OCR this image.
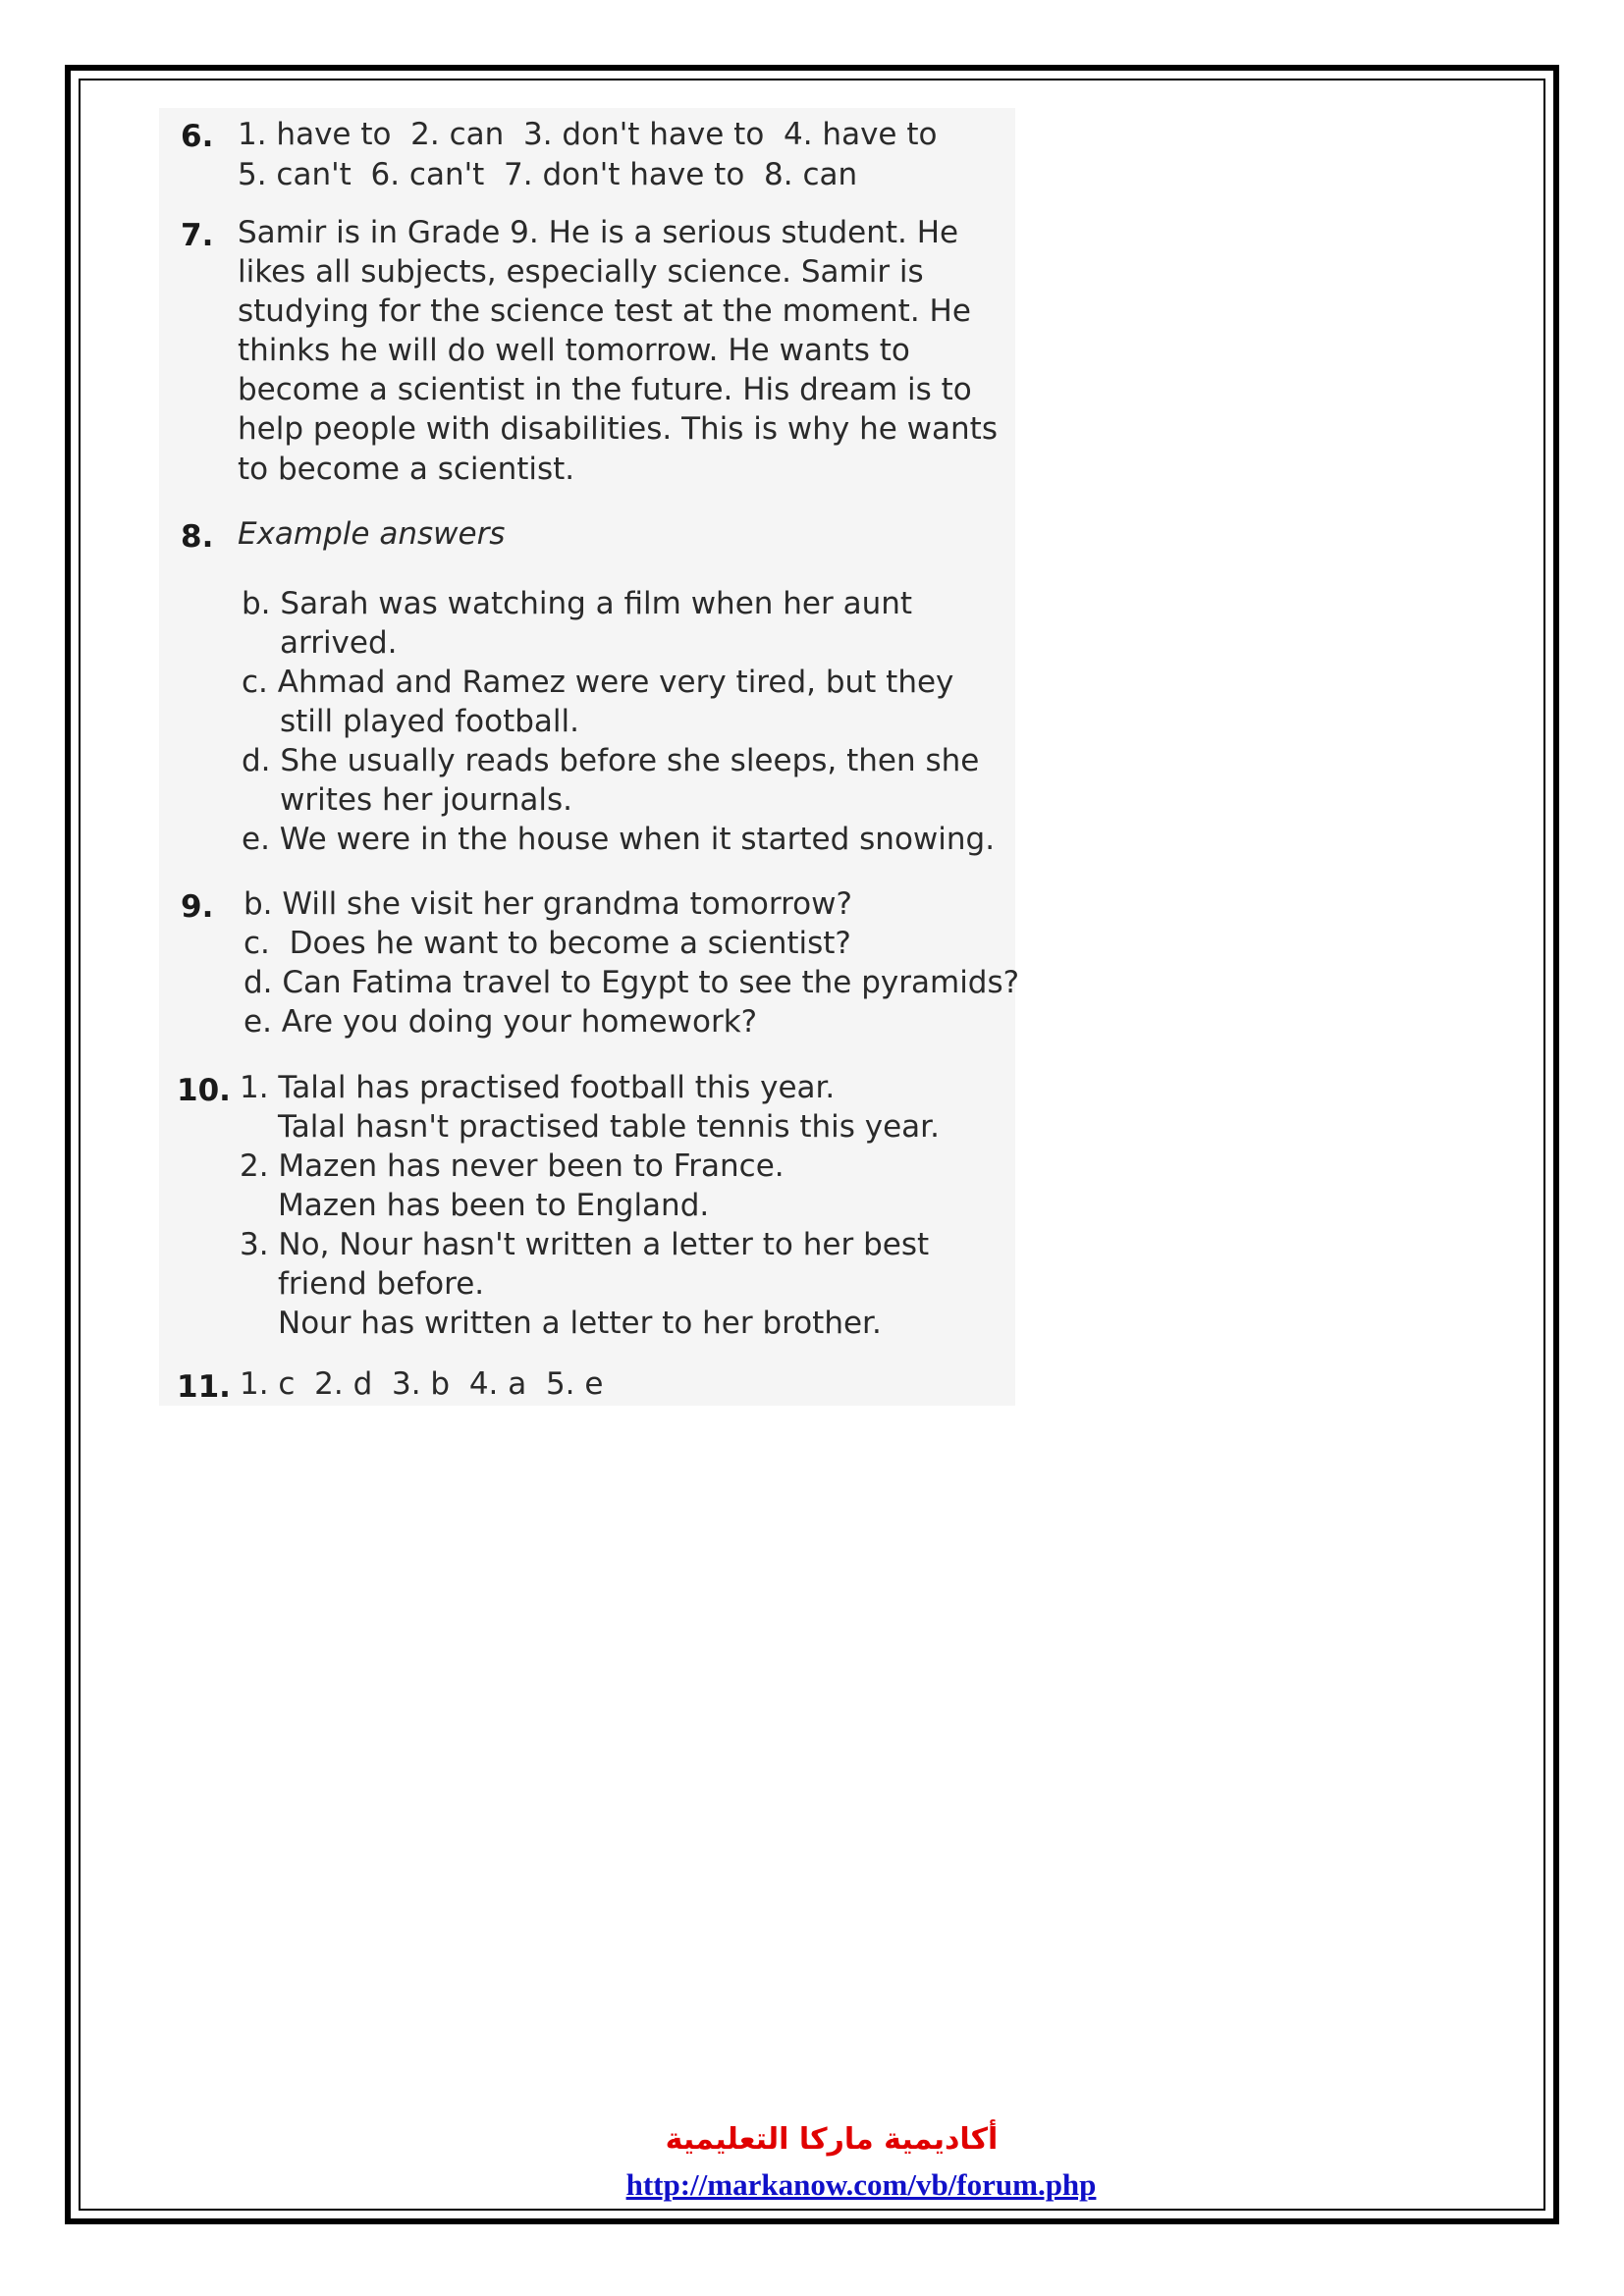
6. 1. have to  2. can  3. don't have to  4. have to
5. can't  6. can't  7. don't have to  8. can
7. Samir is in Grade 9. He is a serious student. He
likes all subjects, especially science. Samir is
studying for the science test at the moment. He
thinks he will do well tomorrow. He wants to
become a scientist in the future. His dream is to
help people with disabilities. This is why he wants
to become a scientist.
8. Example answers
b. Sarah was watching a film when her aunt
arrived.
c. Ahmad and Ramez were very tired, but they
still played football.
d. She usually reads before she sleeps, then she
writes her journals.
e. We were in the house when it started snowing.
9. b. Will she visit her grandma tomorrow?
c.  Does he want to become a scientist?
d. Can Fatima travel to Egypt to see the pyramids?
e. Are you doing your homework?
10. 1. Talal has practised football this year.
Talal hasn't practised table tennis this year.
2. Mazen has never been to France.
Mazen has been to England.
3. No, Nour hasn't written a letter to her best
friend before.
Nour has written a letter to her brother.
11. 1. c  2. d  3. b  4. a  5. e
أكاديمية ماركا التعليمية
http://markanow.com/vb/forum.php
